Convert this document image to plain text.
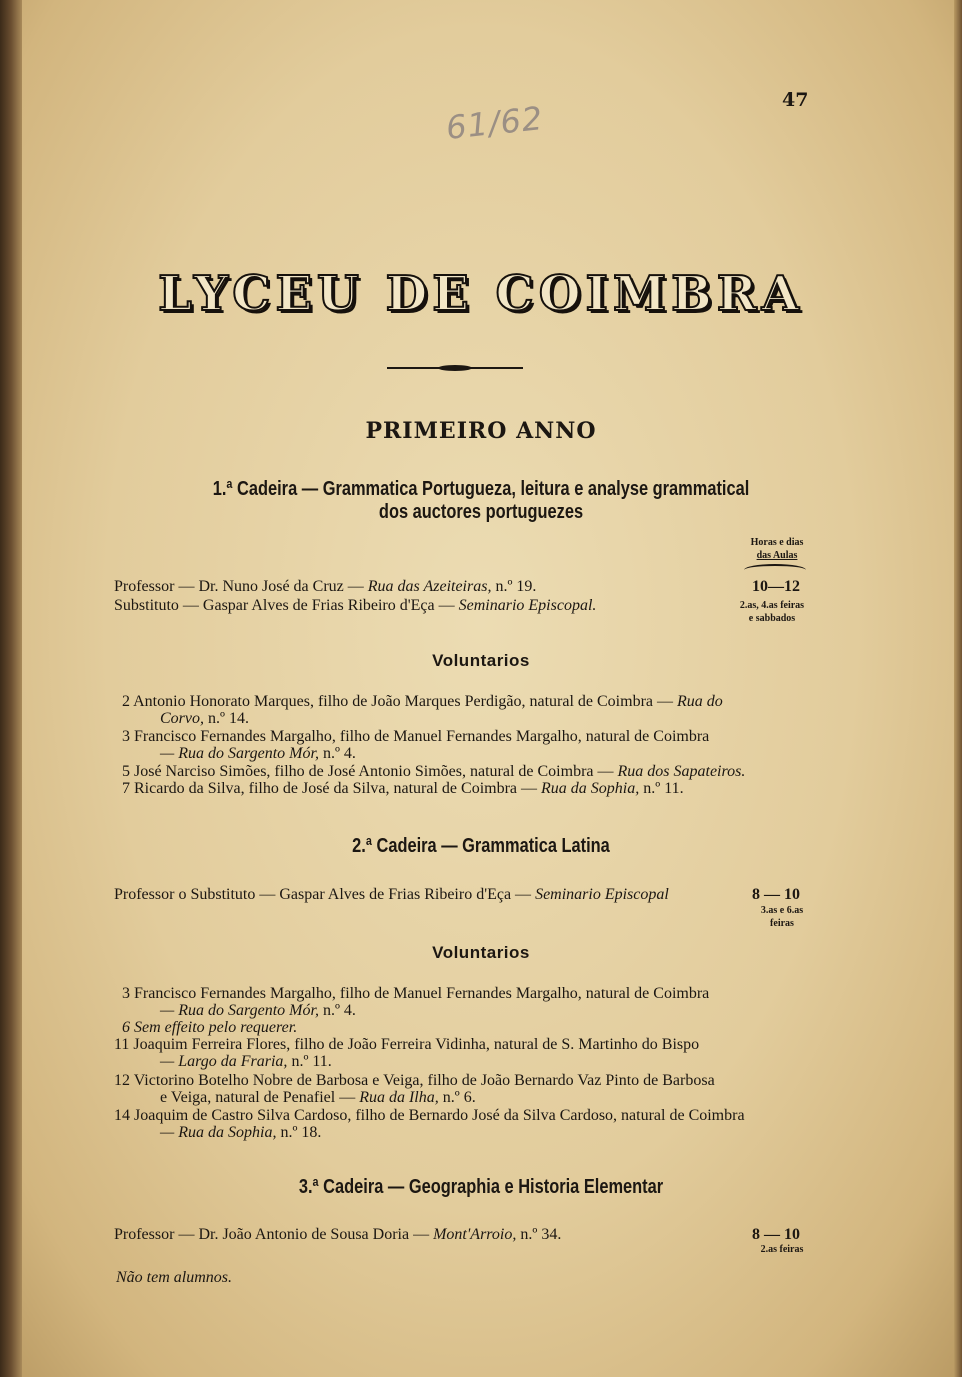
47
61/62
LYCEU DE COIMBRA
PRIMEIRO ANNO
1.ª Cadeira — Grammatica Portugueza, leitura e analyse grammatical
dos auctores portuguezes
Horas e dias
das Aulas
Professor — Dr. Nuno José da Cruz — Rua das Azeiteiras, n.º 19.
Substituto — Gaspar Alves de Frias Ribeiro d'Eça — Seminario Episcopal.
10—12
2.as, 4.as feiras
e sabbados
Voluntarios
2 Antonio Honorato Marques, filho de João Marques Perdigão, natural de Coimbra — Rua do
Corvo, n.º 14.
3 Francisco Fernandes Margalho, filho de Manuel Fernandes Margalho, natural de Coimbra
— Rua do Sargento Mór, n.º 4.
5 José Narciso Simões, filho de José Antonio Simões, natural de Coimbra — Rua dos Sapateiros.
7 Ricardo da Silva, filho de José da Silva, natural de Coimbra — Rua da Sophia, n.º 11.
2.ª Cadeira — Grammatica Latina
Professor o Substituto — Gaspar Alves de Frias Ribeiro d'Eça — Seminario Episcopal	8 — 10
3.as e 6.as
feiras
Voluntarios
3 Francisco Fernandes Margalho, filho de Manuel Fernandes Margalho, natural de Coimbra
— Rua do Sargento Mór, n.º 4.
6 Sem effeito pelo requerer.
11 Joaquim Ferreira Flores, filho de João Ferreira Vidinha, natural de S. Martinho do Bispo
— Largo da Fraria, n.º 11.
12 Victorino Botelho Nobre de Barbosa e Veiga, filho de João Bernardo Vaz Pinto de Barbosa
e Veiga, natural de Penafiel — Rua da Ilha, n.º 6.
14 Joaquim de Castro Silva Cardoso, filho de Bernardo José da Silva Cardoso, natural de Coimbra
— Rua da Sophia, n.º 18.
3.ª Cadeira — Geographia e Historia Elementar
Professor — Dr. João Antonio de Sousa Doria — Mont'Arroio, n.º 34.	8 — 10
2.as feiras
Não tem alumnos.
